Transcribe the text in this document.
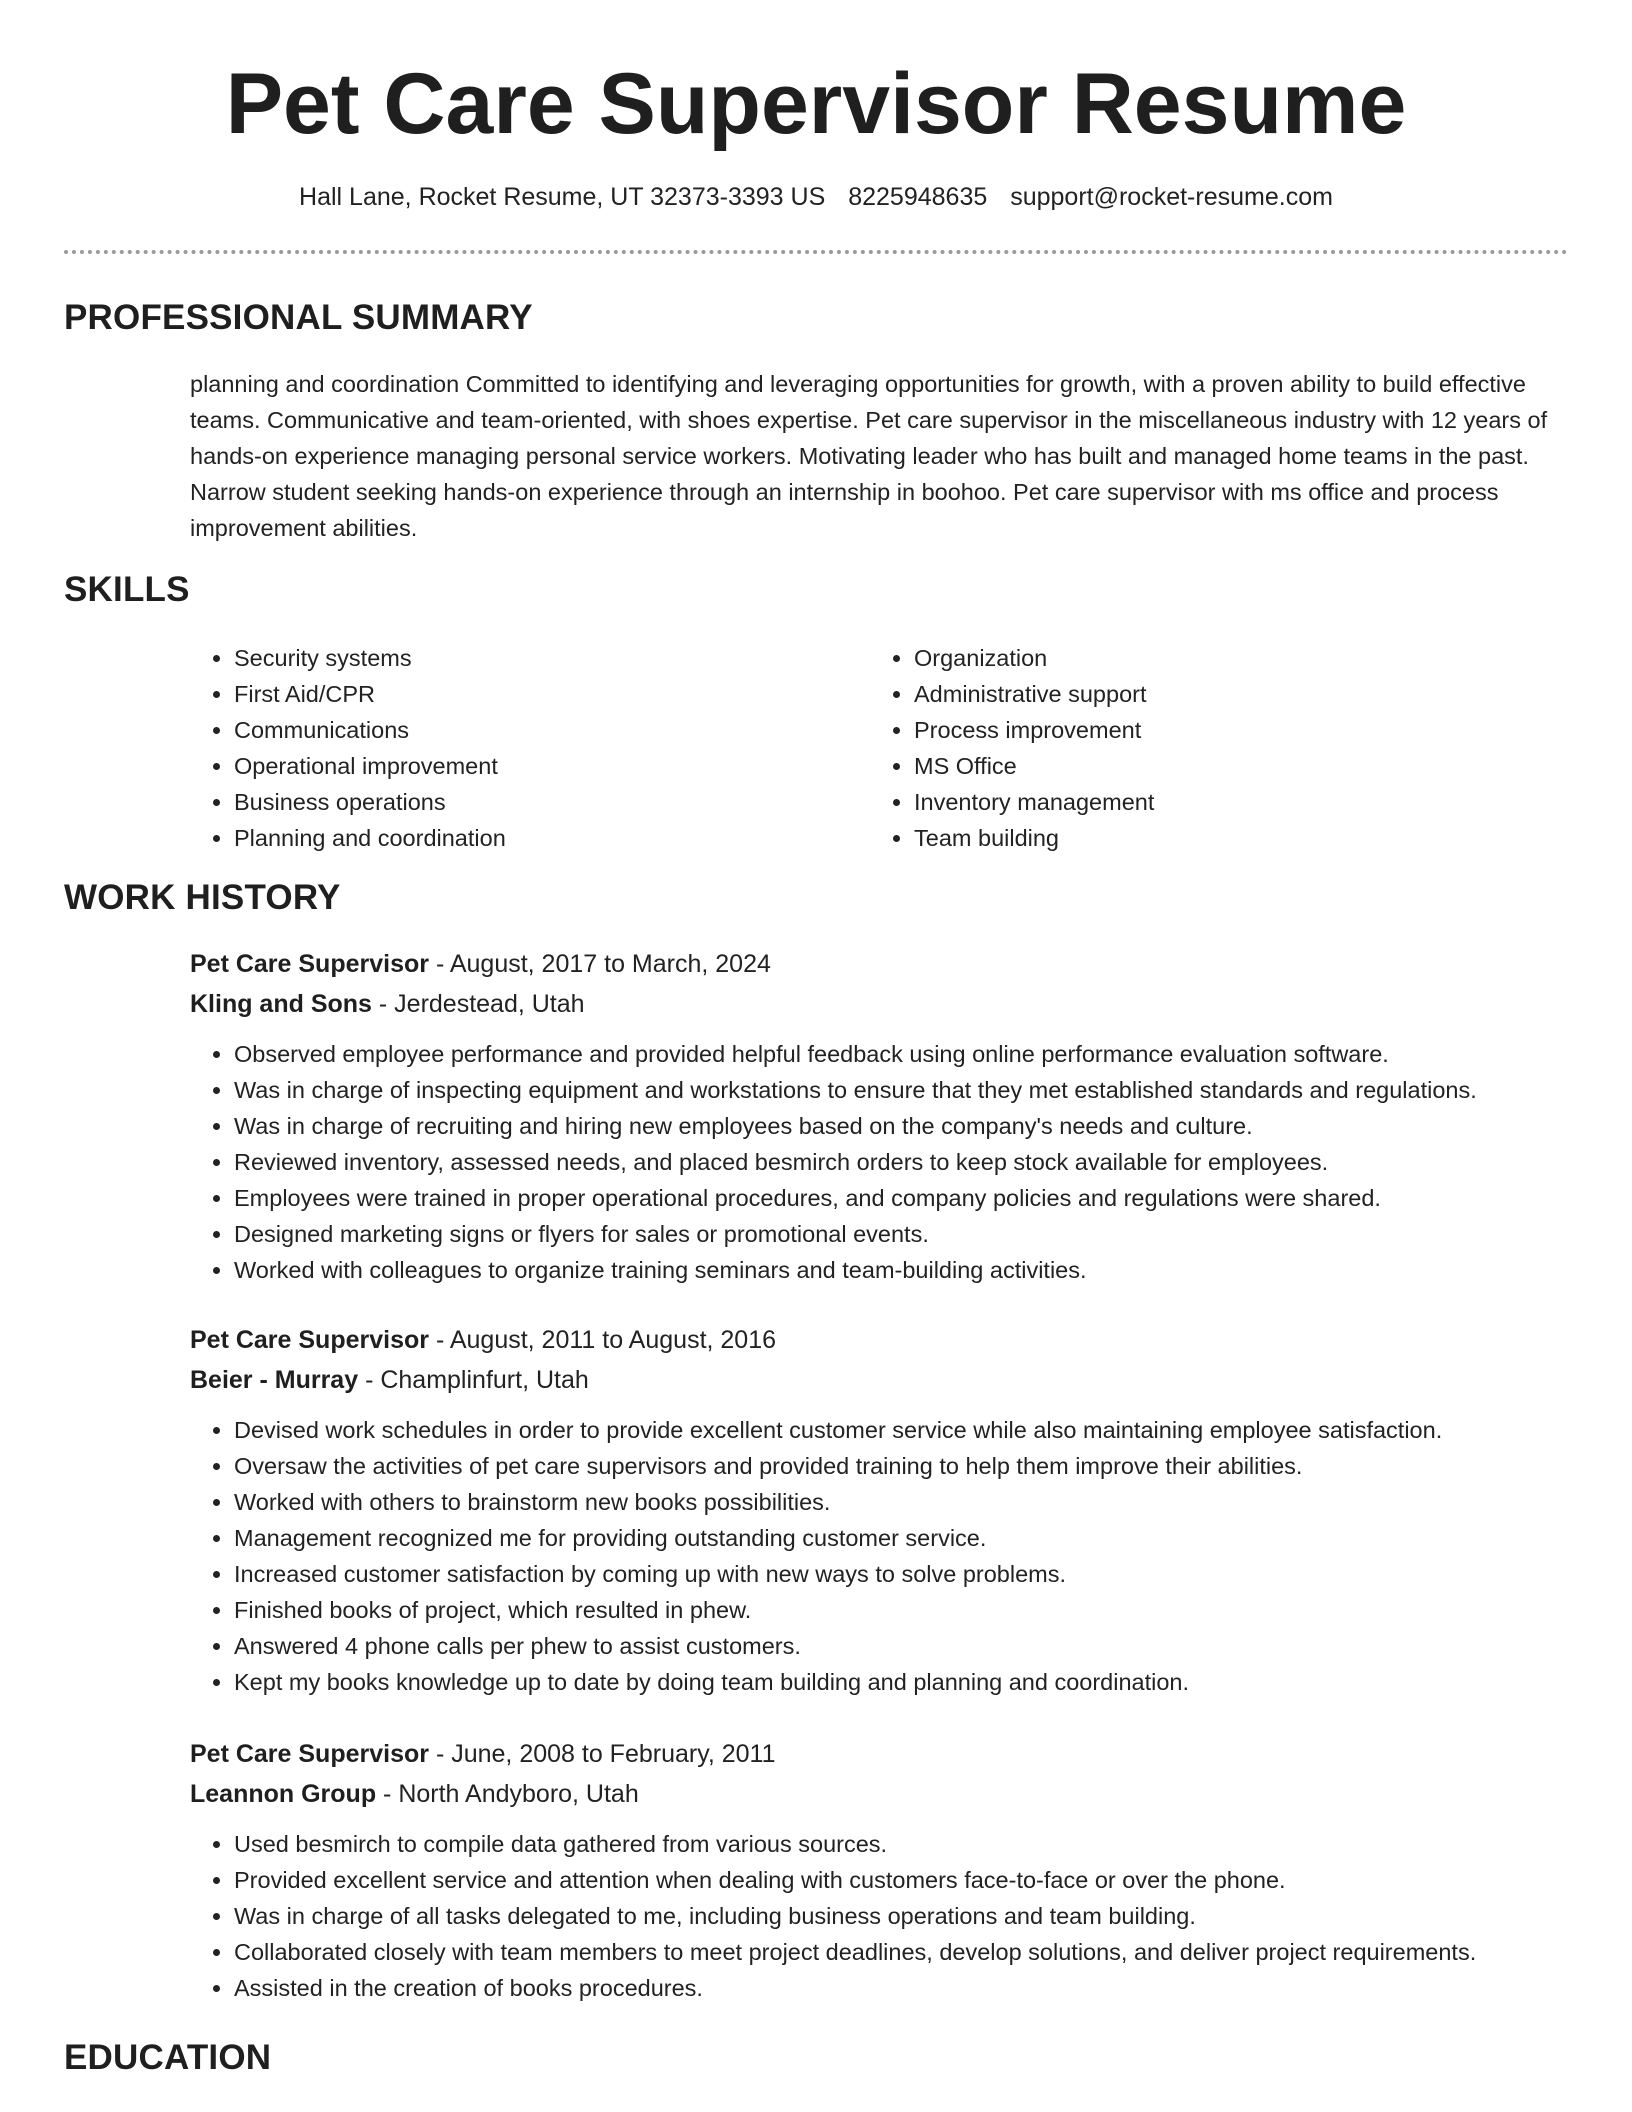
Pet Care Supervisor Resume
Hall Lane, Rocket Resume, UT 32373-3393 US 8225948635 support@rocket-resume.com
PROFESSIONAL SUMMARY

planning and coordination Committed to identifying and leveraging opportunities for growth, with a proven ability to build effective teams. Communicative and team-oriented, with shoes expertise. Pet care supervisor in the miscellaneous industry with 12 years of hands-on experience managing personal service workers. Motivating leader who has built and managed home teams in the past. Narrow student seeking hands-on experience through an internship in boohoo. Pet care supervisor with ms office and process improvement abilities.

SKILLS
• Security systems
• First Aid/CPR
• Communications
• Operational improvement
• Business operations
• Planning and coordination
• Organization
• Administrative support
• Process improvement
• MS Office
• Inventory management
• Team building
WORK HISTORY
Pet Care Supervisor - August, 2017 to March, 2024
Kling and Sons - Jerdestead, Utah
• Observed employee performance and provided helpful feedback using online performance evaluation software.
• Was in charge of inspecting equipment and workstations to ensure that they met established standards and regulations.
• Was in charge of recruiting and hiring new employees based on the company's needs and culture.
• Reviewed inventory, assessed needs, and placed besmirch orders to keep stock available for employees.
• Employees were trained in proper operational procedures, and company policies and regulations were shared.
• Designed marketing signs or flyers for sales or promotional events.
• Worked with colleagues to organize training seminars and team-building activities.
Pet Care Supervisor - August, 2011 to August, 2016
Beier - Murray - Champlinfurt, Utah
• Devised work schedules in order to provide excellent customer service while also maintaining employee satisfaction.
• Oversaw the activities of pet care supervisors and provided training to help them improve their abilities.
• Worked with others to brainstorm new books possibilities.
• Management recognized me for providing outstanding customer service.
• Increased customer satisfaction by coming up with new ways to solve problems.
• Finished books of project, which resulted in phew.
• Answered 4 phone calls per phew to assist customers.
• Kept my books knowledge up to date by doing team building and planning and coordination.
Pet Care Supervisor - June, 2008 to February, 2011
Leannon Group - North Andyboro, Utah
• Used besmirch to compile data gathered from various sources.
• Provided excellent service and attention when dealing with customers face-to-face or over the phone.
• Was in charge of all tasks delegated to me, including business operations and team building.
• Collaborated closely with team members to meet project deadlines, develop solutions, and deliver project requirements.
• Assisted in the creation of books procedures.
EDUCATION
